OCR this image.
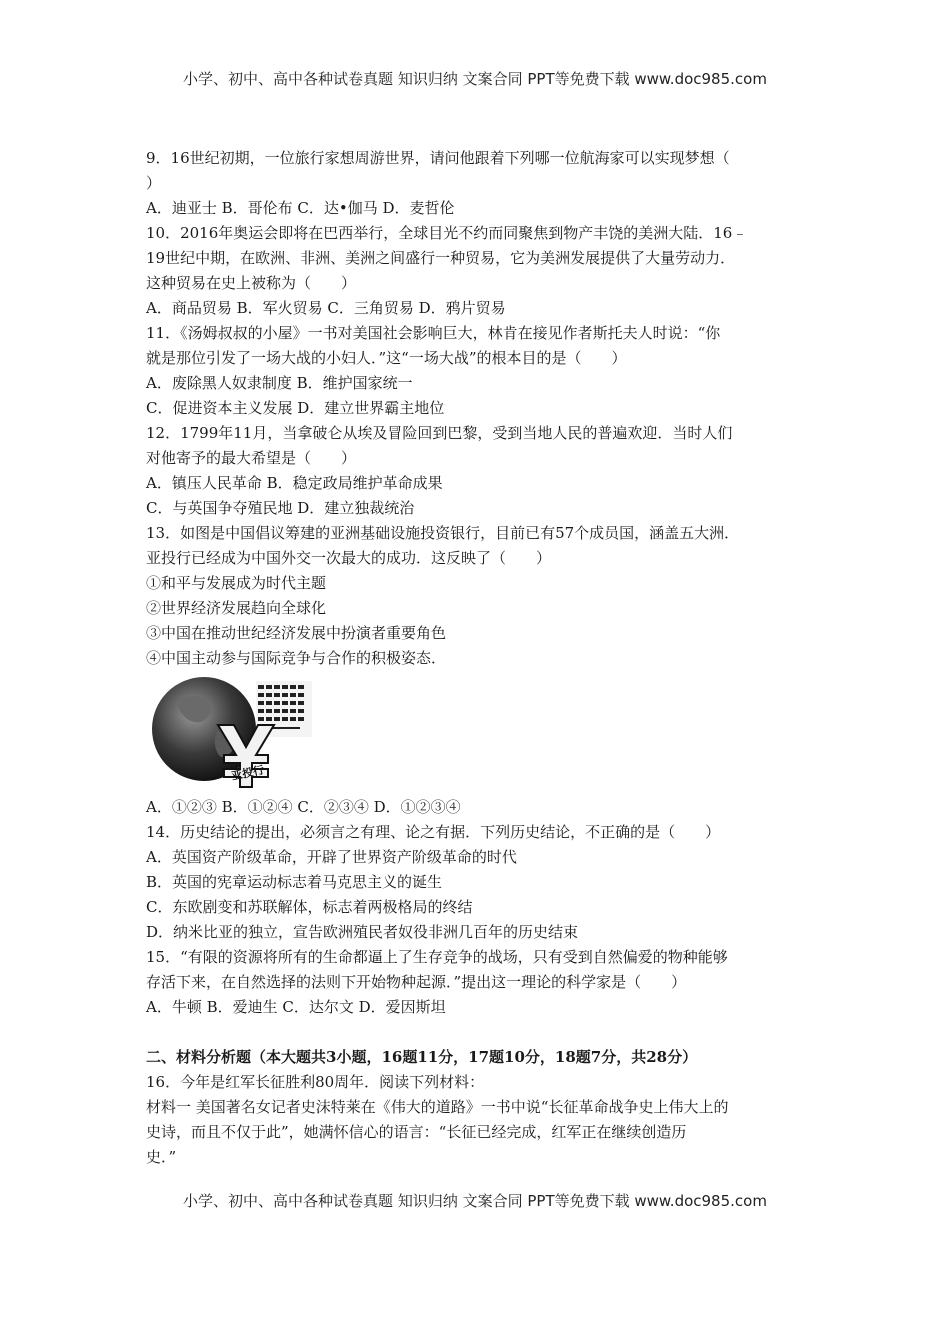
小学、初中、高中各种试卷真题 知识归纳 文案合同 PPT等免费下载 www.doc985.com
9．16世纪初期，一位旅行家想周游世界，请问他跟着下列哪一位航海家可以实现梦想（
）
A．迪亚士 B．哥伦布 C．达•伽马 D．麦哲伦
10．2016年奥运会即将在巴西举行，全球目光不约而同聚焦到物产丰饶的美洲大陆．16﹣
19世纪中期，在欧洲、非洲、美洲之间盛行一种贸易，它为美洲发展提供了大量劳动力．
这种贸易在史上被称为（　　）
A．商品贸易 B．军火贸易 C．三角贸易 D．鸦片贸易
11．《汤姆叔叔的小屋》一书对美国社会影响巨大，林肯在接见作者斯托夫人时说：“你
就是那位引发了一场大战的小妇人．”这“一场大战”的根本目的是（　　）
A．废除黑人奴隶制度 B．维护国家统一
C．促进资本主义发展 D．建立世界霸主地位
12．1799年11月，当拿破仑从埃及冒险回到巴黎，受到当地人民的普遍欢迎．当时人们
对他寄予的最大希望是（　　）
A．镇压人民革命 B．稳定政局维护革命成果
C．与英国争夺殖民地 D．建立独裁统治
13．如图是中国倡议筹建的亚洲基础设施投资银行，目前已有57个成员国，涵盖五大洲．
亚投行已经成为中国外交一次最大的成功．这反映了（　　）
①和平与发展成为时代主题
②世界经济发展趋向全球化
③中国在推动世纪经济发展中扮演者重要角色
④中国主动参与国际竞争与合作的积极姿态．
亚投行
A．①②③ B．①②④ C．②③④ D．①②③④
14．历史结论的提出，必须言之有理、论之有据．下列历史结论，不正确的是（　　）
A．英国资产阶级革命，开辟了世界资产阶级革命的时代
B．英国的宪章运动标志着马克思主义的诞生
C．东欧剧变和苏联解体，标志着两极格局的终结
D．纳米比亚的独立，宣告欧洲殖民者奴役非洲几百年的历史结束
15．“有限的资源将所有的生命都逼上了生存竞争的战场，只有受到自然偏爱的物种能够
存活下来，在自然选择的法则下开始物种起源．”提出这一理论的科学家是（　　）
A．牛顿 B．爱迪生 C．达尔文 D．爱因斯坦
二、材料分析题（本大题共3小题，16题11分，17题10分，18题7分，共28分）
16．今年是红军长征胜利80周年．阅读下列材料：
材料一 美国著名女记者史沫特莱在《伟大的道路》一书中说“长征革命战争史上伟大上的
史诗，而且不仅于此”，她满怀信心的语言：“长征已经完成，红军正在继续创造历
史．”
小学、初中、高中各种试卷真题 知识归纳 文案合同 PPT等免费下载 www.doc985.com
